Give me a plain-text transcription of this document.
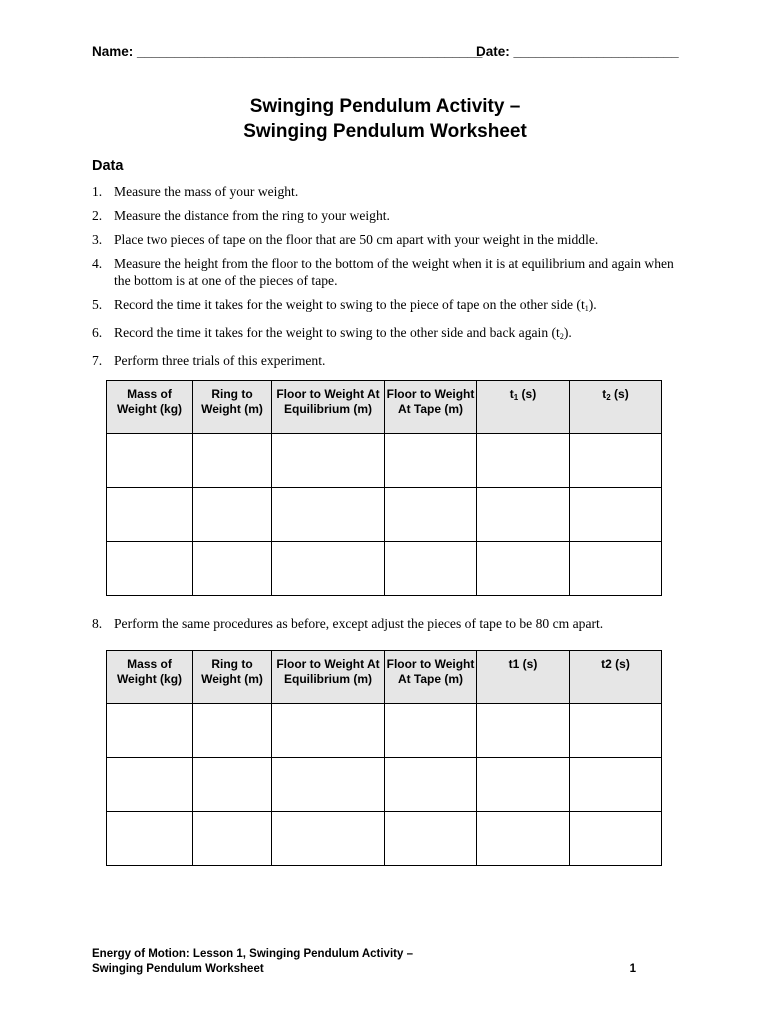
Name: ______________________________________________
Date: ______________________
Swinging Pendulum Activity –
Swinging Pendulum Worksheet
Data
1. Measure the mass of your weight.
2. Measure the distance from the ring to your weight.
3. Place two pieces of tape on the floor that are 50 cm apart with your weight in the middle.
4. Measure the height from the floor to the bottom of the weight when it is at equilibrium and again when the bottom is at one of the pieces of tape.
5. Record the time it takes for the weight to swing to the piece of tape on the other side $(t_1)$.
6. Record the time it takes for the weight to swing to the other side and back again $(t_2)$.
7. Perform three trials of this experiment.
Mass of Weight (kg)	Ring to Weight (m)	Floor to Weight At Equilibrium (m)	Floor to Weight At Tape (m)	$t_1$ (s)	$t_2$ (s)

8. Perform the same procedures as before, except adjust the pieces of tape to be 80 cm apart.
Mass of Weight (kg)	Ring to Weight (m)	Floor to Weight At Equilibrium (m)	Floor to Weight At Tape (m)	t1 (s)	t2 (s)

Energy of Motion: Lesson 1, Swinging Pendulum Activity –
Swinging Pendulum Worksheet	1
